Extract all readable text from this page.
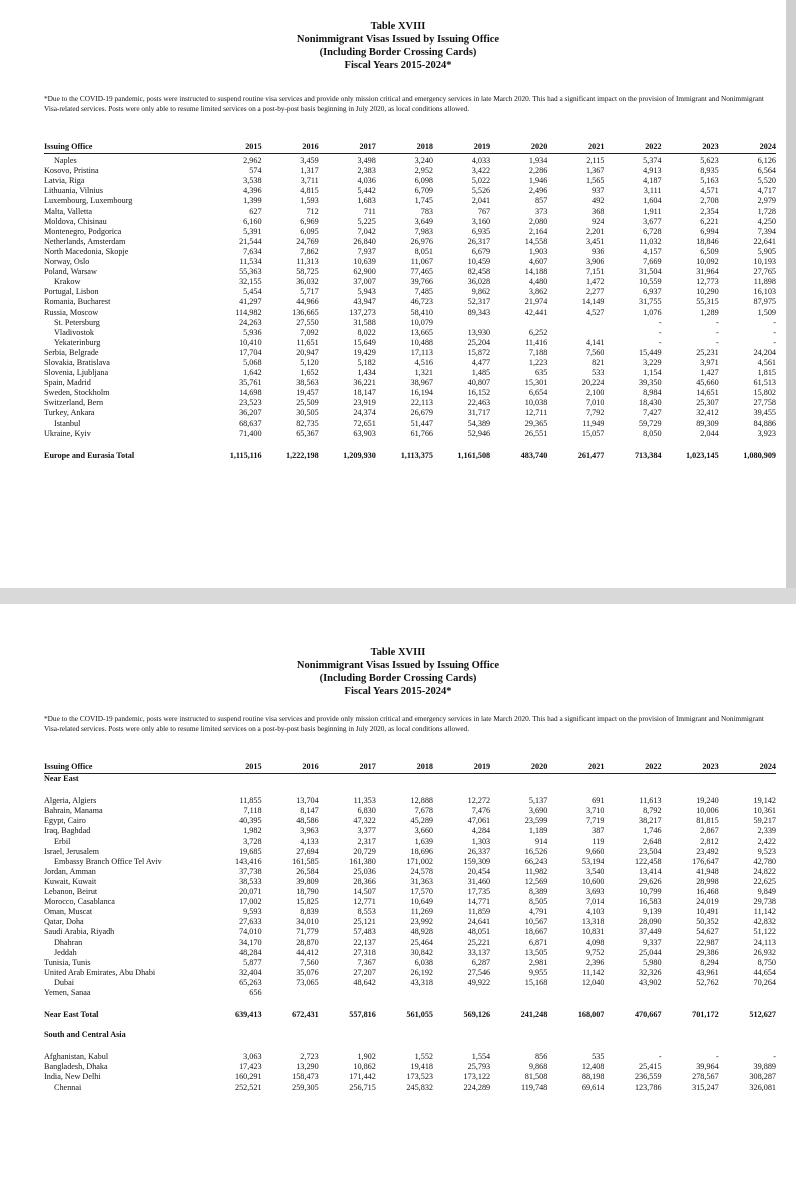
Table XVIII
Nonimmigrant Visas Issued by Issuing Office
(Including Border Crossing Cards)
Fiscal Years 2015-2024*
*Due to the COVID-19 pandemic, posts were instructed to suspend routine visa services and provide only mission critical and emergency services in late March 2020. This had a significant impact on the provision of Immigrant and Nonimmigrant Visa-related services. Posts were only able to resume limited services on a post-by-post basis beginning in July 2020, as local conditions allowed.
Issuing Office	2015	2016	2017	2018	2019	2020	2021	2022	2023	2024

Naples	2,962	3,459	3,498	3,240	4,033	1,934	2,115	5,374	5,623	6,126
Kosovo, Pristina	574	1,317	2,383	2,952	3,422	2,286	1,367	4,913	8,935	6,564
Latvia, Riga	3,538	3,711	4,036	6,098	5,022	1,946	1,565	4,187	5,163	5,520
Lithuania, Vilnius	4,396	4,815	5,442	6,709	5,526	2,496	937	3,111	4,571	4,717
Luxembourg, Luxembourg	1,399	1,593	1,683	1,745	2,041	857	492	1,604	2,708	2,979
Malta, Valletta	627	712	711	783	767	373	368	1,911	2,354	1,728
Moldova, Chisinau	6,160	6,969	5,225	3,649	3,160	2,080	924	3,677	6,221	4,250
Montenegro, Podgorica	5,391	6,095	7,042	7,983	6,935	2,164	2,201	6,728	6,994	7,394
Netherlands, Amsterdam	21,544	24,769	26,840	26,976	26,317	14,558	3,451	11,032	18,846	22,641
North Macedonia, Skopje	7,634	7,862	7,937	8,051	6,679	1,903	936	4,157	6,509	5,905
Norway, Oslo	11,534	11,313	10,639	11,067	10,459	4,607	3,906	7,669	10,092	10,193
Poland, Warsaw	55,363	58,725	62,900	77,465	82,458	14,188	7,151	31,504	31,964	27,765
Krakow	32,155	36,032	37,007	39,766	36,028	4,480	1,472	10,559	12,773	11,898
Portugal, Lisbon	5,454	5,717	5,943	7,485	9,862	3,862	2,277	6,937	10,290	16,103
Romania, Bucharest	41,297	44,966	43,947	46,723	52,317	21,974	14,149	31,755	55,315	87,975
Russia, Moscow	114,982	136,665	137,273	58,410	89,343	42,441	4,527	1,076	1,289	1,509
St. Petersburg	24,263	27,550	31,588	10,079				-	-	-
Vladivostok	5,936	7,092	8,022	13,665	13,930	6,252		-	-	-
Yekaterinburg	10,410	11,651	15,649	10,488	25,204	11,416	4,141	-	-	-
Serbia, Belgrade	17,704	20,947	19,429	17,113	15,872	7,188	7,560	15,449	25,231	24,204
Slovakia, Bratislava	5,068	5,120	5,182	4,516	4,477	1,223	821	3,229	3,971	4,561
Slovenia, Ljubljana	1,642	1,652	1,434	1,321	1,485	635	533	1,154	1,427	1,815
Spain, Madrid	35,761	38,563	36,221	38,967	40,807	15,301	20,224	39,350	45,660	61,513
Sweden, Stockholm	14,698	19,457	18,147	16,194	16,152	6,654	2,100	8,984	14,651	15,802
Switzerland, Bern	23,523	25,509	23,919	22,113	22,463	10,038	7,010	18,430	25,307	27,758
Turkey, Ankara	36,207	30,505	24,374	26,679	31,717	12,711	7,792	7,427	32,412	39,455
Istanbul	68,637	82,735	72,651	51,447	54,389	29,365	11,949	59,729	89,309	84,886
Ukraine, Kyiv	71,400	65,367	63,903	61,766	52,946	26,551	15,057	8,050	2,044	3,923

Europe and Eurasia Total	1,115,116	1,222,198	1,209,930	1,113,375	1,161,508	483,740	261,477	713,384	1,023,145	1,080,909
Table XVIII
Nonimmigrant Visas Issued by Issuing Office
(Including Border Crossing Cards)
Fiscal Years 2015-2024*
*Due to the COVID-19 pandemic, posts were instructed to suspend routine visa services and provide only mission critical and emergency services in late March 2020. This had a significant impact on the provision of Immigrant and Nonimmigrant Visa-related services. Posts were only able to resume limited services on a post-by-post basis beginning in July 2020, as local conditions allowed.
Issuing Office	2015	2016	2017	2018	2019	2020	2021	2022	2023	2024
Near East										

Algeria, Algiers	11,855	13,704	11,353	12,888	12,272	5,137	691	11,613	19,240	19,142
Bahrain, Manama	7,118	8,147	6,830	7,678	7,476	3,690	3,710	8,792	10,006	10,361
Egypt, Cairo	40,395	48,586	47,322	45,289	47,061	23,599	7,719	38,217	81,815	59,217
Iraq, Baghdad	1,982	3,963	3,377	3,660	4,284	1,189	387	1,746	2,867	2,339
Erbil	3,728	4,133	2,317	1,639	1,303	914	119	2,648	2,812	2,422
Israel, Jerusalem	19,685	27,694	20,729	18,696	26,337	16,526	9,660	23,504	23,492	9,523
Embassy Branch Office Tel Aviv	143,416	161,585	161,380	171,002	159,309	66,243	53,194	122,458	176,647	42,780
Jordan, Amman	37,738	26,584	25,036	24,578	20,454	11,982	3,540	13,414	41,948	24,822
Kuwait, Kuwait	38,533	39,809	28,366	31,363	31,460	12,569	10,600	29,626	28,998	22,625
Lebanon, Beirut	20,071	18,790	14,507	17,570	17,735	8,389	3,693	10,799	16,468	9,849
Morocco, Casablanca	17,002	15,825	12,771	10,649	14,771	8,505	7,014	16,583	24,019	29,738
Oman, Muscat	9,593	8,839	8,553	11,269	11,859	4,791	4,103	9,139	10,491	11,142
Qatar, Doha	27,633	34,010	25,121	23,992	24,641	10,567	13,318	28,090	50,352	42,832
Saudi Arabia, Riyadh	74,010	71,779	57,483	48,928	48,051	18,667	10,831	37,449	54,627	51,122
Dhahran	34,170	28,870	22,137	25,464	25,221	6,871	4,098	9,337	22,987	24,113
Jeddah	48,284	44,412	27,318	30,842	33,137	13,505	9,752	25,044	29,386	26,932
Tunisia, Tunis	5,877	7,560	7,367	6,038	6,287	2,981	2,396	5,980	8,294	8,750
United Arab Emirates, Abu Dhabi	32,404	35,076	27,207	26,192	27,546	9,955	11,142	32,326	43,961	44,654
Dubai	65,263	73,065	48,642	43,318	49,922	15,168	12,040	43,902	52,762	70,264
Yemen, Sanaa	656									

Near East Total	639,413	672,431	557,816	561,055	569,126	241,248	168,007	470,667	701,172	512,627

South and Central Asia										

Afghanistan, Kabul	3,063	2,723	1,902	1,552	1,554	856	535	-	-	-
Bangladesh, Dhaka	17,423	13,290	10,862	19,418	25,793	9,868	12,408	25,415	39,964	39,889
India, New Delhi	160,291	158,473	171,442	173,523	173,122	81,508	88,198	236,559	278,567	308,287
Chennai	252,521	259,305	256,715	245,832	224,289	119,748	69,614	123,786	315,247	326,081
